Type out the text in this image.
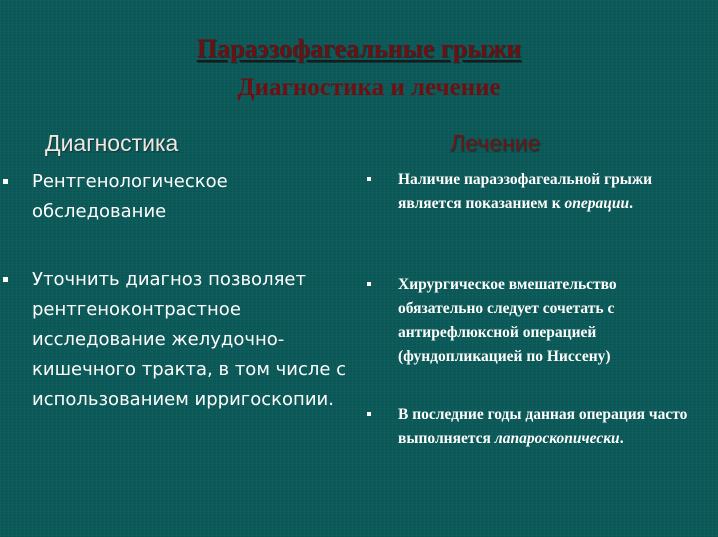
Параэзофагеальные грыжи
Диагностика и лечение
Диагностика	Лечение
Рентгенологическое обследование
Уточнить диагноз позволяет рентгеноконтрастное исследование желудочно-кишечного тракта, в том числе с использованием ирригоскопии.
Наличие параэзофагеальной грыжи является показанием к операции.
Хирургическое вмешательство обязательно следует сочетать с антирефлюксной операцией (фундопликацией по Ниссену)
В последние годы данная операция часто выполняется лапароскопически.
